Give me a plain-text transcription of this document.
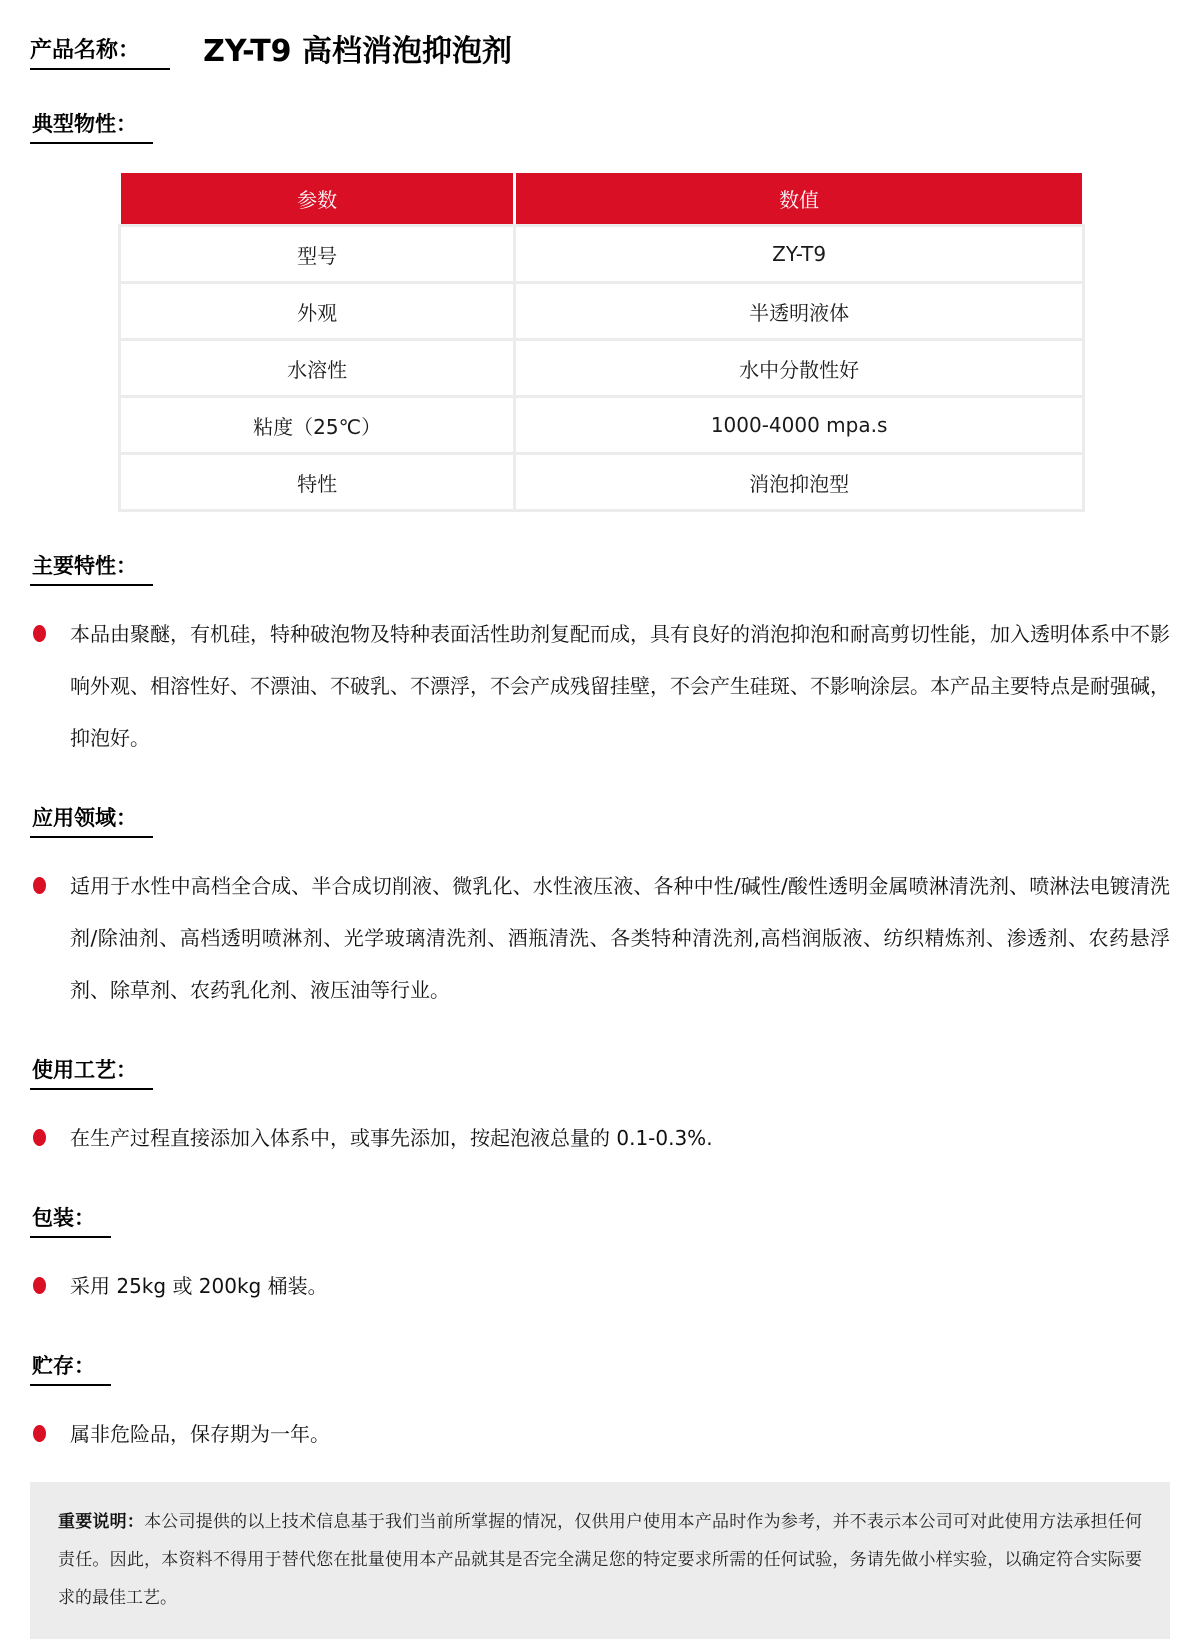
产品名称： ZY-T9 高档消泡抑泡剂
典型物性：
参数	数值
型号	ZY-T9
外观	半透明液体
水溶性	水中分散性好
粘度（25℃）	1000-4000 mpa.s
特性	消泡抑泡型
主要特性：
本品由聚醚，有机硅，特种破泡物及特种表面活性助剂复配而成，具有良好的消泡抑泡和耐高剪切性能，加入透明体系中不影响外观、相溶性好、不漂油、不破乳、不漂浮，不会产成残留挂壁，不会产生硅斑、不影响涂层。本产品主要特点是耐强碱，抑泡好。
应用领域：
适用于水性中高档全合成、半合成切削液、微乳化、水性液压液、各种中性/碱性/酸性透明金属喷淋清洗剂、喷淋法电镀清洗剂/除油剂、高档透明喷淋剂、光学玻璃清洗剂、酒瓶清洗、各类特种清洗剂,高档润版液、纺织精炼剂、渗透剂、农药悬浮剂、除草剂、农药乳化剂、液压油等行业。
使用工艺：
在生产过程直接添加入体系中，或事先添加，按起泡液总量的 0.1-0.3%.
包装：
采用 25kg 或 200kg 桶装。
贮存：
属非危险品，保存期为一年。
重要说明：本公司提供的以上技术信息基于我们当前所掌握的情况，仅供用户使用本产品时作为参考，并不表示本公司可对此使用方法承担任何责任。因此，本资料不得用于替代您在批量使用本产品就其是否完全满足您的特定要求所需的任何试验，务请先做小样实验，以确定符合实际要求的最佳工艺。
